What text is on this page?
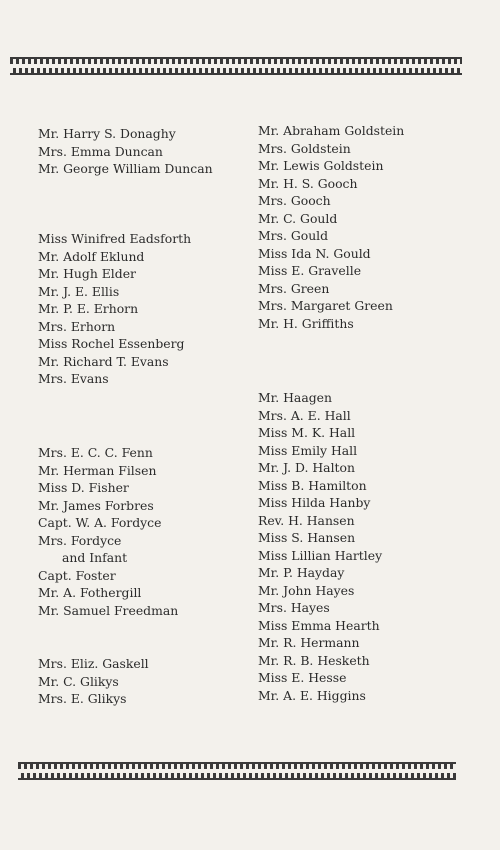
Mr. Harry S. Donaghy
Mrs. Emma Duncan
Mr. George William Duncan
Miss Winifred Eadsforth
Mr. Adolf Eklund
Mr. Hugh Elder
Mr. J. E. Ellis
Mr. P. E. Erhorn
Mrs. Erhorn
Miss Rochel Essenberg
Mr. Richard T. Evans
Mrs. Evans
Mrs. E. C. C. Fenn
Mr. Herman Filsen
Miss D. Fisher
Mr. James Forbres
Capt. W. A. Fordyce
Mrs. Fordyce
and Infant
Capt. Foster
Mr. A. Fothergill
Mr. Samuel Freedman
Mrs. Eliz. Gaskell
Mr. C. Glikys
Mrs. E. Glikys
Mr. Abraham Goldstein
Mrs. Goldstein
Mr. Lewis Goldstein
Mr. H. S. Gooch
Mrs. Gooch
Mr. C. Gould
Mrs. Gould
Miss Ida N. Gould
Miss E. Gravelle
Mrs. Green
Mrs. Margaret Green
Mr. H. Griffiths
Mr. Haagen
Mrs. A. E. Hall
Miss M. K. Hall
Miss Emily Hall
Mr. J. D. Halton
Miss B. Hamilton
Miss Hilda Hanby
Rev. H. Hansen
Miss S. Hansen
Miss Lillian Hartley
Mr. P. Hayday
Mr. John Hayes
Mrs. Hayes
Miss Emma Hearth
Mr. R. Hermann
Mr. R. B. Hesketh
Miss E. Hesse
Mr. A. E. Higgins
